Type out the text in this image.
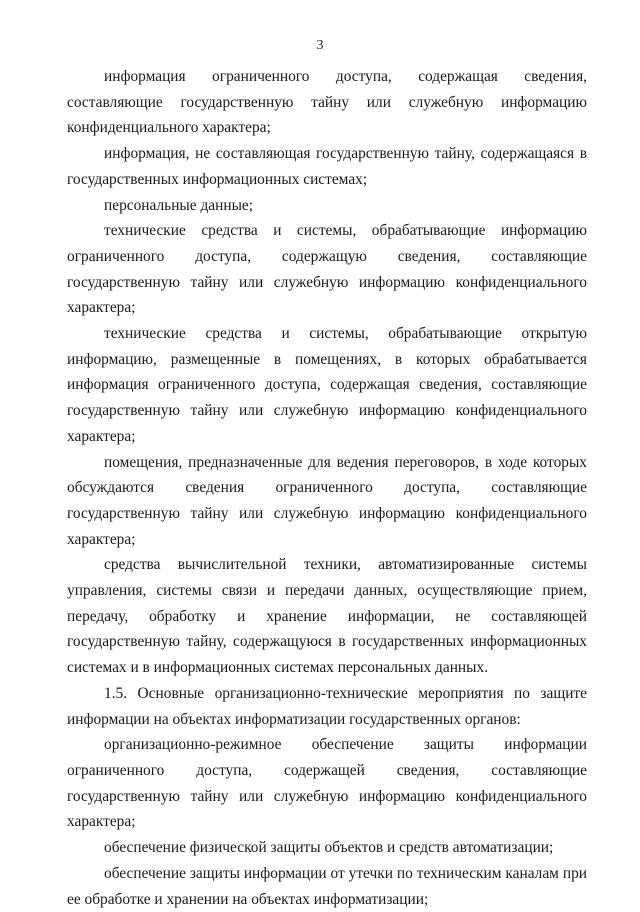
3

информация ограниченного доступа, содержащая сведения, составляющие государственную тайну или служебную информацию конфиденциального характера;

информация, не составляющая государственную тайну, содержащаяся в государственных информационных системах;

персональные данные;

технические средства и системы, обрабатывающие информацию ограниченного доступа, содержащую сведения, составляющие государственную тайну или служебную информацию конфиденциального характера;

технические средства и системы, обрабатывающие открытую информацию, размещенные в помещениях, в которых обрабатывается информация ограниченного доступа, содержащая сведения, составляющие государственную тайну или служебную информацию конфиденциального характера;

помещения, предназначенные для ведения переговоров, в ходе которых обсуждаются сведения ограниченного доступа, составляющие государственную тайну или служебную информацию конфиденциального характера;

средства вычислительной техники, автоматизированные системы управления, системы связи и передачи данных, осуществляющие прием, передачу, обработку и хранение информации, не составляющей государственную тайну, содержащуюся в государственных информационных системах и в информационных системах персональных данных.

1.5. Основные организационно-технические мероприятия по защите информации на объектах информатизации государственных органов:

организационно-режимное обеспечение защиты информации ограниченного доступа, содержащей сведения, составляющие государственную тайну или служебную информацию конфиденциального характера;

обеспечение физической защиты объектов и средств автоматизации;

обеспечение защиты информации от утечки по техническим каналам при ее обработке и хранении на объектах информатизации;
